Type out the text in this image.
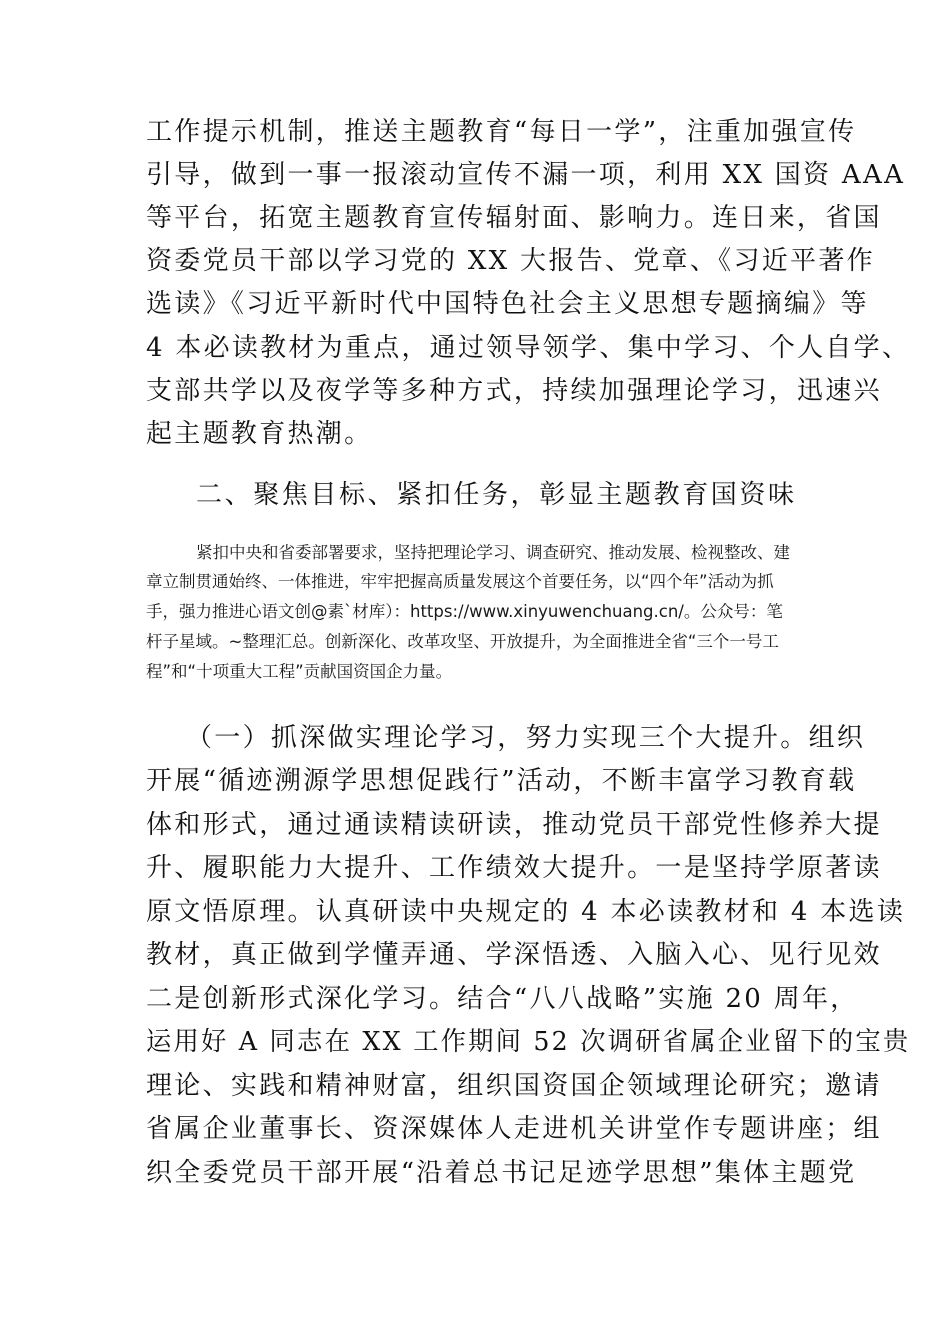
工作提示机制，推送主题教育“每日一学”，注重加强宣传
引导，做到一事一报滚动宣传不漏一项，利用 XX 国资 AAA
等平台，拓宽主题教育宣传辐射面、影响力。连日来，省国
资委党员干部以学习党的 XX 大报告、党章、《习近平著作
选读》《习近平新时代中国特色社会主义思想专题摘编》等
4 本必读教材为重点，通过领导领学、集中学习、个人自学、
支部共学以及夜学等多种方式，持续加强理论学习，迅速兴
起主题教育热潮。
二、聚焦目标、紧扣任务，彰显主题教育国资味
紧扣中央和省委部署要求，坚持把理论学习、调查研究、推动发展、检视整改、建
章立制贯通始终、一体推进，牢牢把握高质量发展这个首要任务，以“四个年”活动为抓
手，强力推进心语文创@素`材库）：https://www.xinyuwenchuang.cn/。公众号：笔
杆子星域。~整理汇总。创新深化、改革攻坚、开放提升，为全面推进全省“三个一号工
程”和“十项重大工程”贡献国资国企力量。
（一）抓深做实理论学习，努力实现三个大提升。组织
开展“循迹溯源学思想促践行”活动，不断丰富学习教育载
体和形式，通过通读精读研读，推动党员干部党性修养大提
升、履职能力大提升、工作绩效大提升。一是坚持学原著读
原文悟原理。认真研读中央规定的 4 本必读教材和 4 本选读
教材，真正做到学懂弄通、学深悟透、入脑入心、见行见效
二是创新形式深化学习。结合“八八战略”实施 20 周年，
运用好 A 同志在 XX 工作期间 52 次调研省属企业留下的宝贵
理论、实践和精神财富，组织国资国企领域理论研究；邀请
省属企业董事长、资深媒体人走进机关讲堂作专题讲座；组
织全委党员干部开展“沿着总书记足迹学思想”集体主题党
